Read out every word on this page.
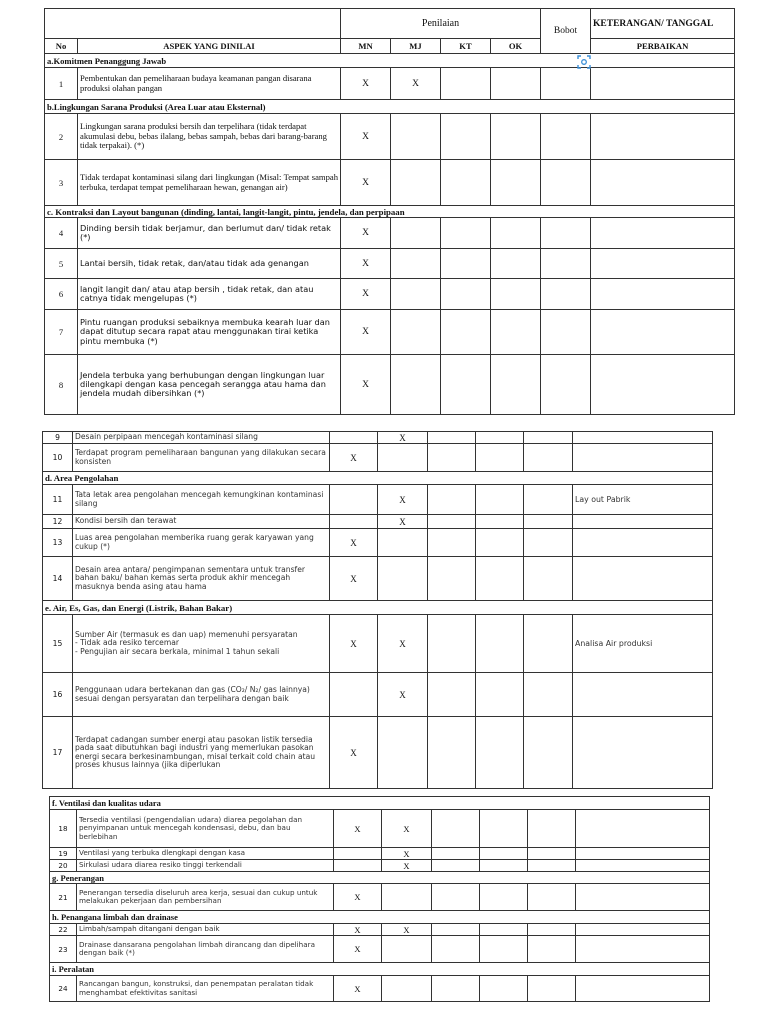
		Penilaian				Bobot	KETERANGAN/ TANGGAL
No	ASPEK YANG DINILAI	MN	MJ	KT	OK		PERBAIKAN
a.Komitmen Penanggung Jawab							
1	Pembentukan dan pemeliharaan budaya keamanan pangan disarana produksi olahan pangan	X	X				
b.Lingkungan Sarana Produksi (Area Luar atau Eksternal)							
2	Lingkungan sarana produksi bersih dan terpelihara (tidak terdapat akumulasi debu, bebas ilalang, bebas sampah, bebas dari barang-barang tidak terpakai). (*)	X					
3	Tidak terdapat kontaminasi silang dari lingkungan (Misal: Tempat sampah terbuka, terdapat tempat pemeliharaan hewan, genangan air)	X					
c. Kontraksi dan Layout bangunan (dinding, lantai, langit-langit, pintu, jendela, dan perpipaan							
4	Dinding bersih tidak berjamur, dan berlumut dan/ tidak retak (*)	X					
5	Lantai bersih, tidak retak, dan/atau tidak ada genangan	X					
6	langit langit dan/ atau atap bersih , tidak retak, dan atau catnya tidak mengelupas (*)	X					
7	Pintu ruangan produksi sebaiknya membuka kearah luar dan dapat ditutup secara rapat atau menggunakan tirai ketika pintu membuka (*)	X					
8	Jendela terbuka yang berhubungan dengan lingkungan luar dilengkapi dengan kasa pencegah serangga atau hama dan jendela mudah dibersihkan (*)	X					
9	Desain perpipaan mencegah kontaminasi silang		X				
10	Terdapat program pemeliharaan bangunan yang dilakukan secara konsisten	X					
d. Area Pengolahan							
11	Tata letak area pengolahan mencegah kemungkinan kontaminasi silang		X				Lay out Pabrik
12	Kondisi bersih dan terawat		X				
13	Luas area pengolahan memberika ruang gerak karyawan yang cukup (*)	X					
14	Desain area antara/ pengimpanan sementara untuk transfer bahan baku/ bahan kemas serta produk akhir mencegah masuknya benda asing atau hama	X					
e. Air, Es, Gas, dan Energi (Listrik, Bahan Bakar)							
15	Sumber Air (termasuk es dan uap) memenuhi persyaratan
- Tidak ada resiko tercemar
- Pengujian air secara berkala, minimal 1 tahun sekali	X	X				Analisa Air produksi
16	Penggunaan udara bertekanan dan gas (CO₂/ N₂/ gas lainnya) sesuai dengan persyaratan dan terpelihara dengan baik		X				
17	Terdapat cadangan sumber energi atau pasokan listik tersedia pada saat dibutuhkan bagi industri yang memerlukan pasokan energi secara berkesinambungan, misal terkait cold chain atau proses khusus lainnya (jika diperlukan	X					
f. Ventilasi dan kualitas udara							
18	Tersedia ventilasi (pengendalian udara) diarea pegolahan dan penyimpanan untuk mencegah kondensasi, debu, dan bau berlebihan	X	X				
19	Ventilasi yang terbuka dlengkapi dengan kasa		X				
20	Sirkulasi udara diarea resiko tinggi terkendali		X				
g. Penerangan							
21	Penerangan tersedia diseluruh area kerja, sesuai dan cukup untuk melakukan pekerjaan dan pembersihan	X					
h. Penangana limbah dan drainase							
22	Limbah/sampah ditangani dengan baik	X	X				
23	Drainase dansarana pengolahan limbah dirancang dan dipelihara dengan baik (*)	X					
i. Peralatan							
24	Rancangan bangun, konstruksi, dan penempatan peralatan tidak menghambat efektivitas sanitasi	X					
